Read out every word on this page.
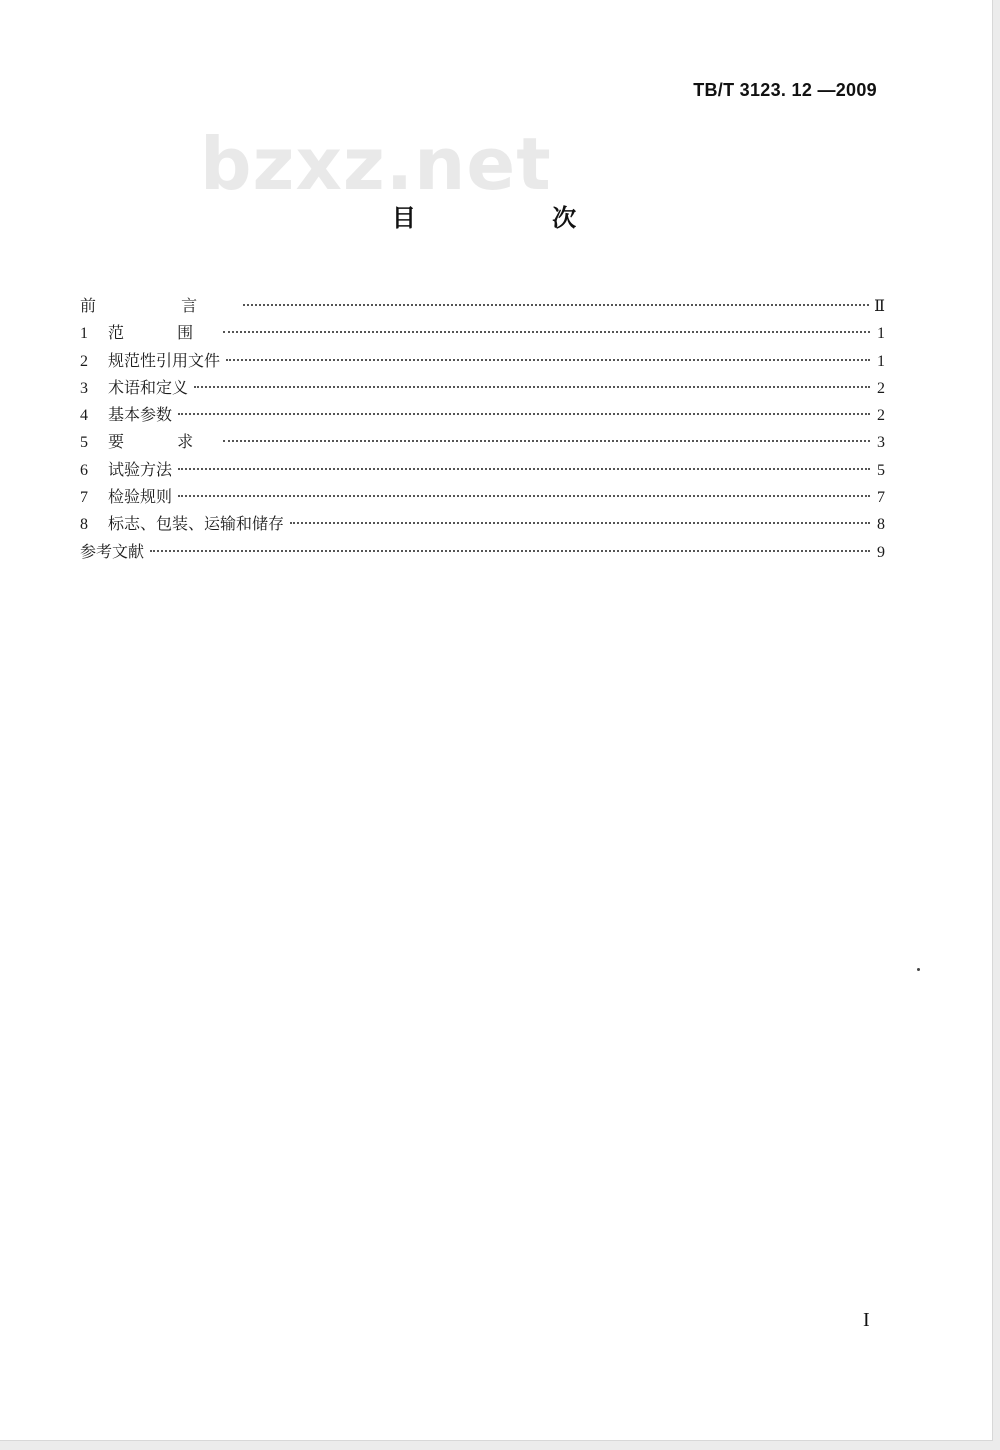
TB/T 3123. 12 —2009
bzxz.net
目 次
前 言	Ⅱ
1	范 围	1
2	规范性引用文件	1
3	术语和定义	2
4	基本参数	2
5	要 求	3
6	试验方法	5
7	检验规则	7
8	标志、包装、运输和储存	8
参考文献	9
I
